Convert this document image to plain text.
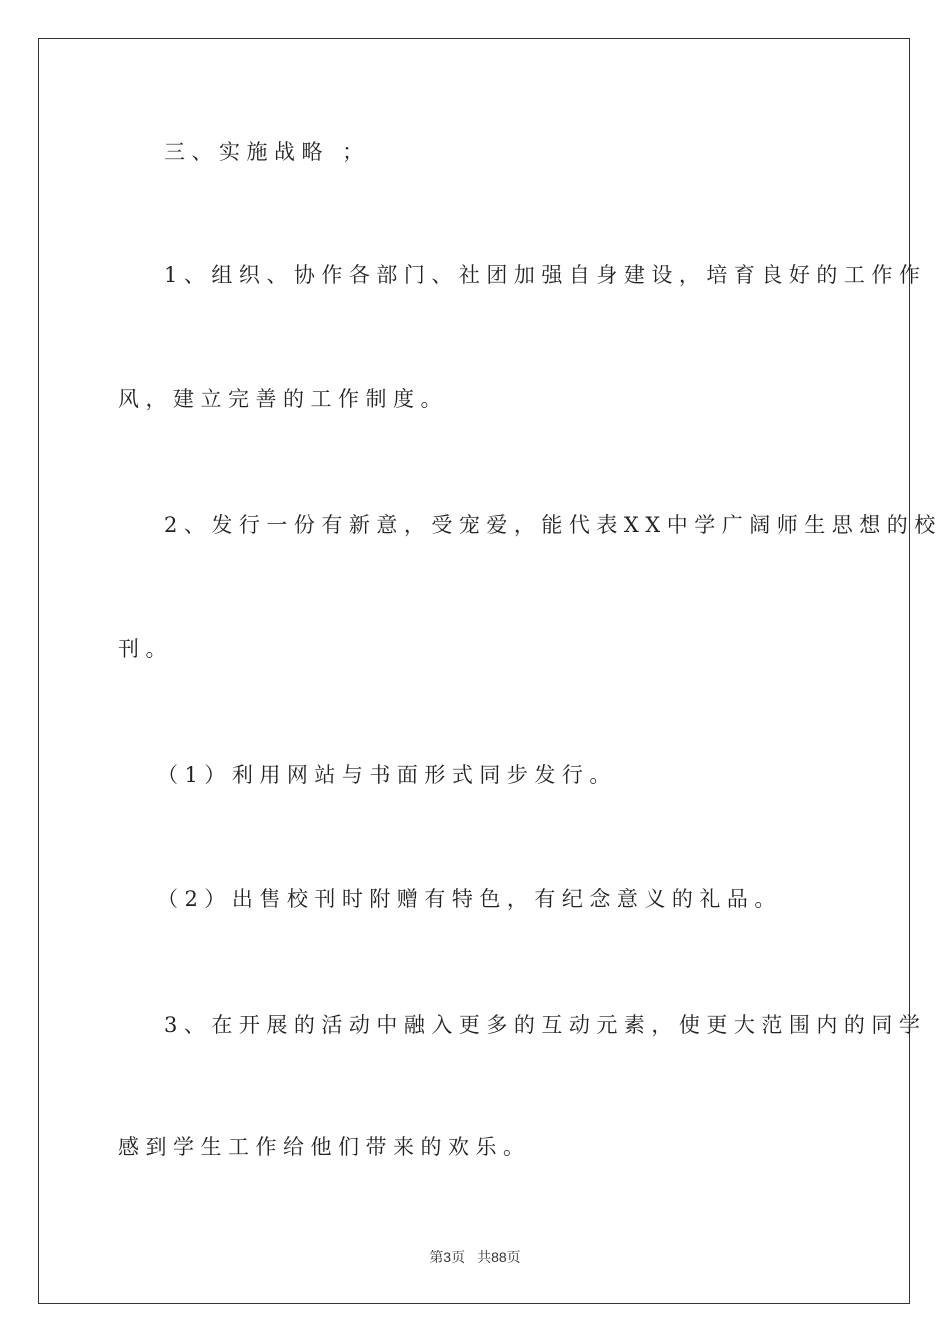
三、实施战略 ；
1、组织、协作各部门、社团加强自身建设，培育良好的工作作
风，建立完善的工作制度。
2、发行一份有新意，受宠爱，能代表XX中学广阔师生思想的校
刊。
（1）利用网站与书面形式同步发行。
（2）出售校刊时附赠有特色，有纪念意义的礼品。
3、在开展的活动中融入更多的互动元素，使更大范围内的同学
感到学生工作给他们带来的欢乐。
第3页 共88页
